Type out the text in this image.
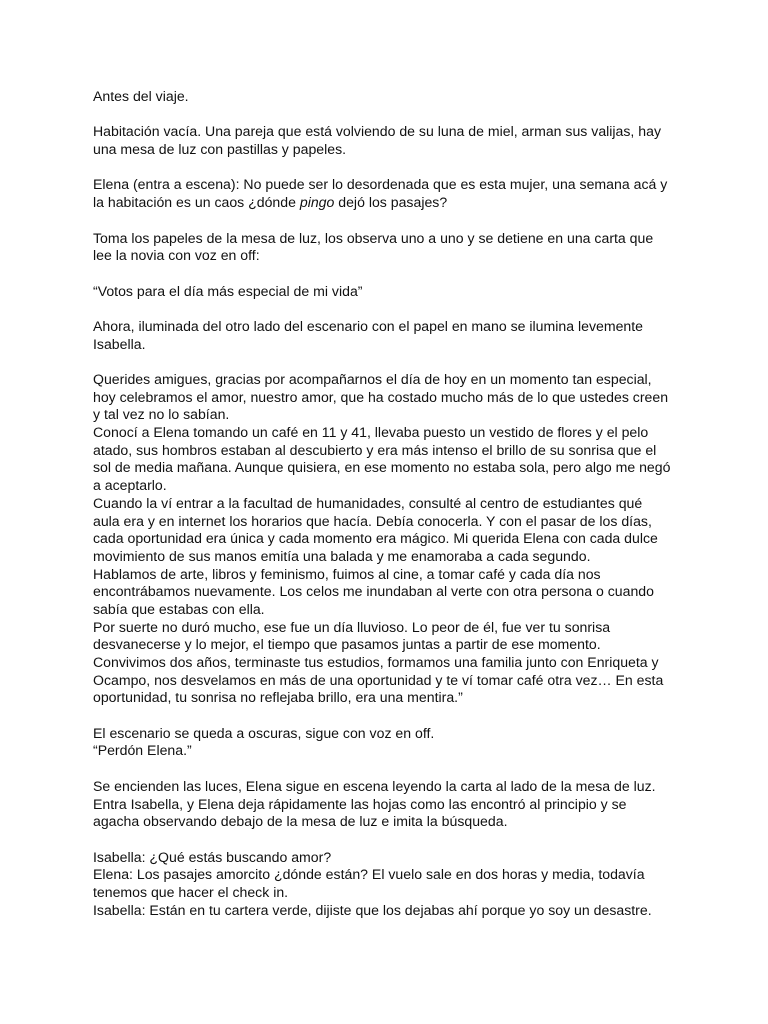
Antes del viaje.
Habitación vacía. Una pareja que está volviendo de su luna de miel, arman sus valijas, hay
una mesa de luz con pastillas y papeles.
Elena (entra a escena): No puede ser lo desordenada que es esta mujer, una semana acá y
la habitación es un caos ¿dónde pingo dejó los pasajes?
Toma los papeles de la mesa de luz, los observa uno a uno y se detiene en una carta que
lee la novia con voz en off:
“Votos para el día más especial de mi vida”
Ahora, iluminada del otro lado del escenario con el papel en mano se ilumina levemente
Isabella.
Querides amigues, gracias por acompañarnos el día de hoy en un momento tan especial,
hoy celebramos el amor, nuestro amor, que ha costado mucho más de lo que ustedes creen
y tal vez no lo sabían.
Conocí a Elena tomando un café en 11 y 41, llevaba puesto un vestido de flores y el pelo
atado, sus hombros estaban al descubierto y era más intenso el brillo de su sonrisa que el
sol de media mañana. Aunque quisiera, en ese momento no estaba sola, pero algo me negó
a aceptarlo.
Cuando la ví entrar a la facultad de humanidades, consulté al centro de estudiantes qué
aula era y en internet los horarios que hacía. Debía conocerla. Y con el pasar de los días,
cada oportunidad era única y cada momento era mágico. Mi querida Elena con cada dulce
movimiento de sus manos emitía una balada y me enamoraba a cada segundo.
Hablamos de arte, libros y feminismo, fuimos al cine, a tomar café y cada día nos
encontrábamos nuevamente. Los celos me inundaban al verte con otra persona o cuando
sabía que estabas con ella.
Por suerte no duró mucho, ese fue un día lluvioso. Lo peor de él, fue ver tu sonrisa
desvanecerse y lo mejor, el tiempo que pasamos juntas a partir de ese momento.
Convivimos dos años, terminaste tus estudios, formamos una familia junto con Enriqueta y
Ocampo, nos desvelamos en más de una oportunidad y te ví tomar café otra vez… En esta
oportunidad, tu sonrisa no reflejaba brillo, era una mentira.”
El escenario se queda a oscuras, sigue con voz en off.
“Perdón Elena.”
Se encienden las luces, Elena sigue en escena leyendo la carta al lado de la mesa de luz.
Entra Isabella, y Elena deja rápidamente las hojas como las encontró al principio y se
agacha observando debajo de la mesa de luz e imita la búsqueda.
Isabella: ¿Qué estás buscando amor?
Elena: Los pasajes amorcito ¿dónde están? El vuelo sale en dos horas y media, todavía
tenemos que hacer el check in.
Isabella: Están en tu cartera verde, dijiste que los dejabas ahí porque yo soy un desastre.
